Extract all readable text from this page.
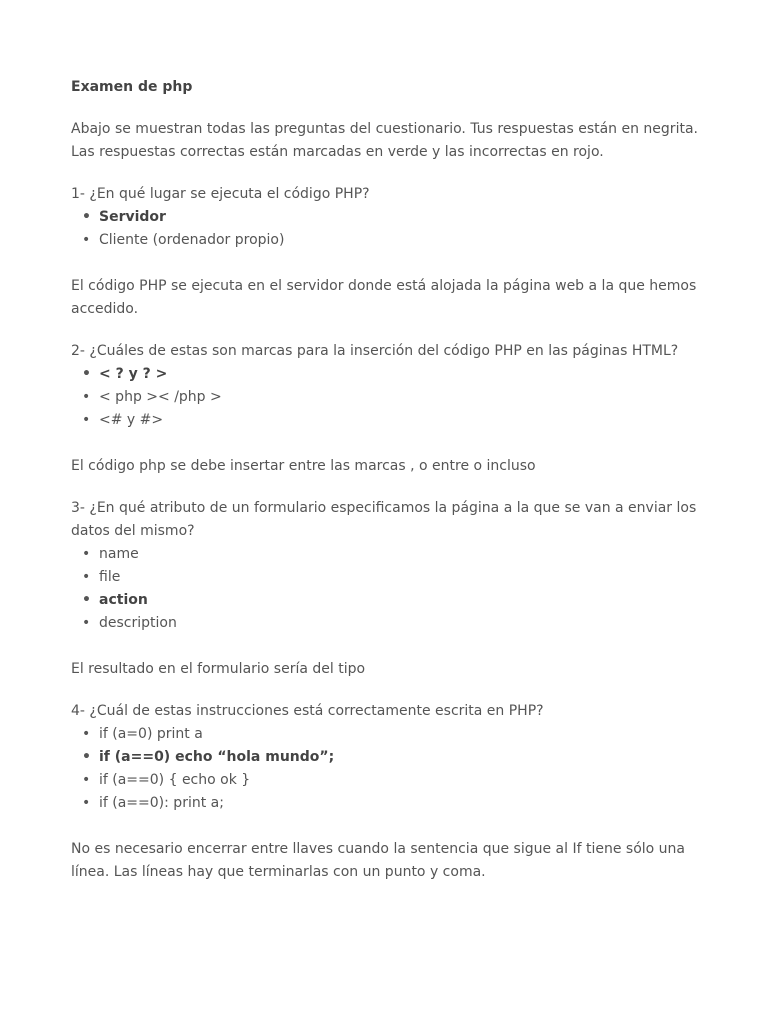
Examen de php

Abajo se muestran todas las preguntas del cuestionario. Tus respuestas están en negrita. Las respuestas correctas están marcadas en verde y las incorrectas en rojo.

1- ¿En qué lugar se ejecuta el código PHP?

• Servidor
• Cliente (ordenador propio)

El código PHP se ejecuta en el servidor donde está alojada la página web a la que hemos accedido.

2- ¿Cuáles de estas son marcas para la inserción del código PHP en las páginas HTML?

• < ? y ? >
• < php >< /php >
• <# y #>

El código php se debe insertar entre las marcas , o entre o incluso

3- ¿En qué atributo de un formulario especificamos la página a la que se van a enviar los datos del mismo?

• name
• file
• action
• description

El resultado en el formulario sería del tipo

4- ¿Cuál de estas instrucciones está correctamente escrita en PHP?

• if (a=0) print a
• if (a==0) echo “hola mundo”;
• if (a==0) { echo ok }
• if (a==0): print a;

No es necesario encerrar entre llaves cuando la sentencia que sigue al If tiene sólo una línea. Las líneas hay que terminarlas con un punto y coma.
